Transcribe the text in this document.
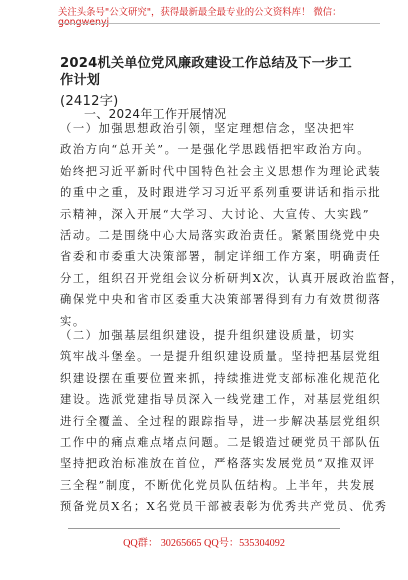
关注头条号"公文研究"，获得最新最全最专业的公文资料库！ 微信：gongwenyj
2024机关单位党风廉政建设工作总结及下一步工作计划
(2412字)
一、2024年工作开展情况
（一）加强思想政治引领，坚定理想信念，坚决把牢
政治方向“总开关”。一是强化学思践悟把牢政治方向。
始终把习近平新时代中国特色社会主义思想作为理论武装
的重中之重，及时跟进学习习近平系列重要讲话和指示批
示精神，深入开展“大学习、大讨论、大宣传、大实践”
活动。二是围绕中心大局落实政治责任。紧紧围绕党中央
省委和市委重大决策部署，制定详细工作方案，明确责任
分工，组织召开党组会议分析研判X次，认真开展政治监督，
确保党中央和省市区委重大决策部署得到有力有效贯彻落
实。
（二）加强基层组织建设，提升组织建设质量，切实
筑牢战斗堡垒。一是提升组织建设质量。坚持把基层党组
织建设摆在重要位置来抓，持续推进党支部标准化规范化
建设。选派党建指导员深入一线党建工作，对基层党组织
进行全覆盖、全过程的跟踪指导，进一步解决基层党组织
工作中的痛点难点堵点问题。二是锻造过硬党员干部队伍
坚持把政治标准放在首位，严格落实发展党员“双推双评
三全程”制度，不断优化党员队伍结构。上半年，共发展
预备党员X名；X名党员干部被表彰为优秀共产党员、优秀
QQ群： 30265665 QQ号：535304092
